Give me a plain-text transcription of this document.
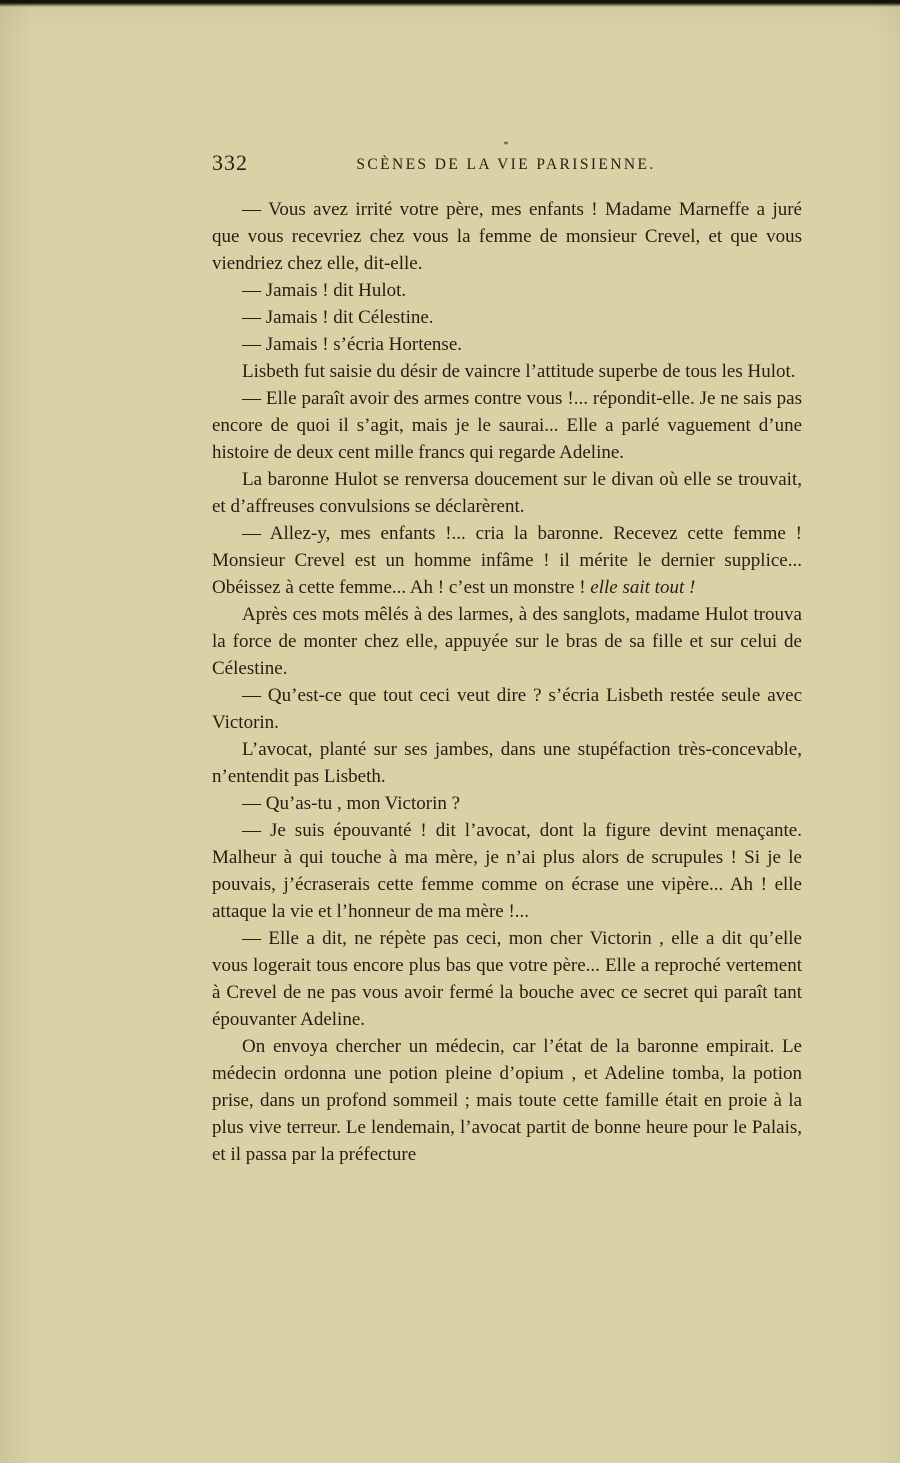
*
332	SCÈNES DE LA VIE PARISIENNE.

— Vous avez irrité votre père, mes enfants ! Madame Marneffe a juré que vous recevriez chez vous la femme de monsieur Crevel, et que vous viendriez chez elle, dit-elle.

— Jamais ! dit Hulot.

— Jamais ! dit Célestine.

— Jamais ! s’écria Hortense.

Lisbeth fut saisie du désir de vaincre l’attitude superbe de tous les Hulot.

— Elle paraît avoir des armes contre vous !... répondit-elle. Je ne sais pas encore de quoi il s’agit, mais je le saurai... Elle a parlé vaguement d’une histoire de deux cent mille francs qui regarde Adeline.

La baronne Hulot se renversa doucement sur le divan où elle se trouvait, et d’affreuses convulsions se déclarèrent.

— Allez-y, mes enfants !... cria la baronne. Recevez cette femme ! Monsieur Crevel est un homme infâme ! il mérite le dernier supplice... Obéissez à cette femme... Ah ! c’est un monstre ! elle sait tout !

Après ces mots mêlés à des larmes, à des sanglots, madame Hulot trouva la force de monter chez elle, appuyée sur le bras de sa fille et sur celui de Célestine.

— Qu’est-ce que tout ceci veut dire ? s’écria Lisbeth restée seule avec Victorin.

L’avocat, planté sur ses jambes, dans une stupéfaction très-concevable, n’entendit pas Lisbeth.

— Qu’as-tu , mon Victorin ?

— Je suis épouvanté ! dit l’avocat, dont la figure devint menaçante. Malheur à qui touche à ma mère, je n’ai plus alors de scrupules ! Si je le pouvais, j’écraserais cette femme comme on écrase une vipère... Ah ! elle attaque la vie et l’honneur de ma mère !...

— Elle a dit, ne répète pas ceci, mon cher Victorin , elle a dit qu’elle vous logerait tous encore plus bas que votre père... Elle a reproché vertement à Crevel de ne pas vous avoir fermé la bouche avec ce secret qui paraît tant épouvanter Adeline.

On envoya chercher un médecin, car l’état de la baronne empirait. Le médecin ordonna une potion pleine d’opium , et Adeline tomba, la potion prise, dans un profond sommeil ; mais toute cette famille était en proie à la plus vive terreur. Le lendemain, l’avocat partit de bonne heure pour le Palais, et il passa par la préfecture
